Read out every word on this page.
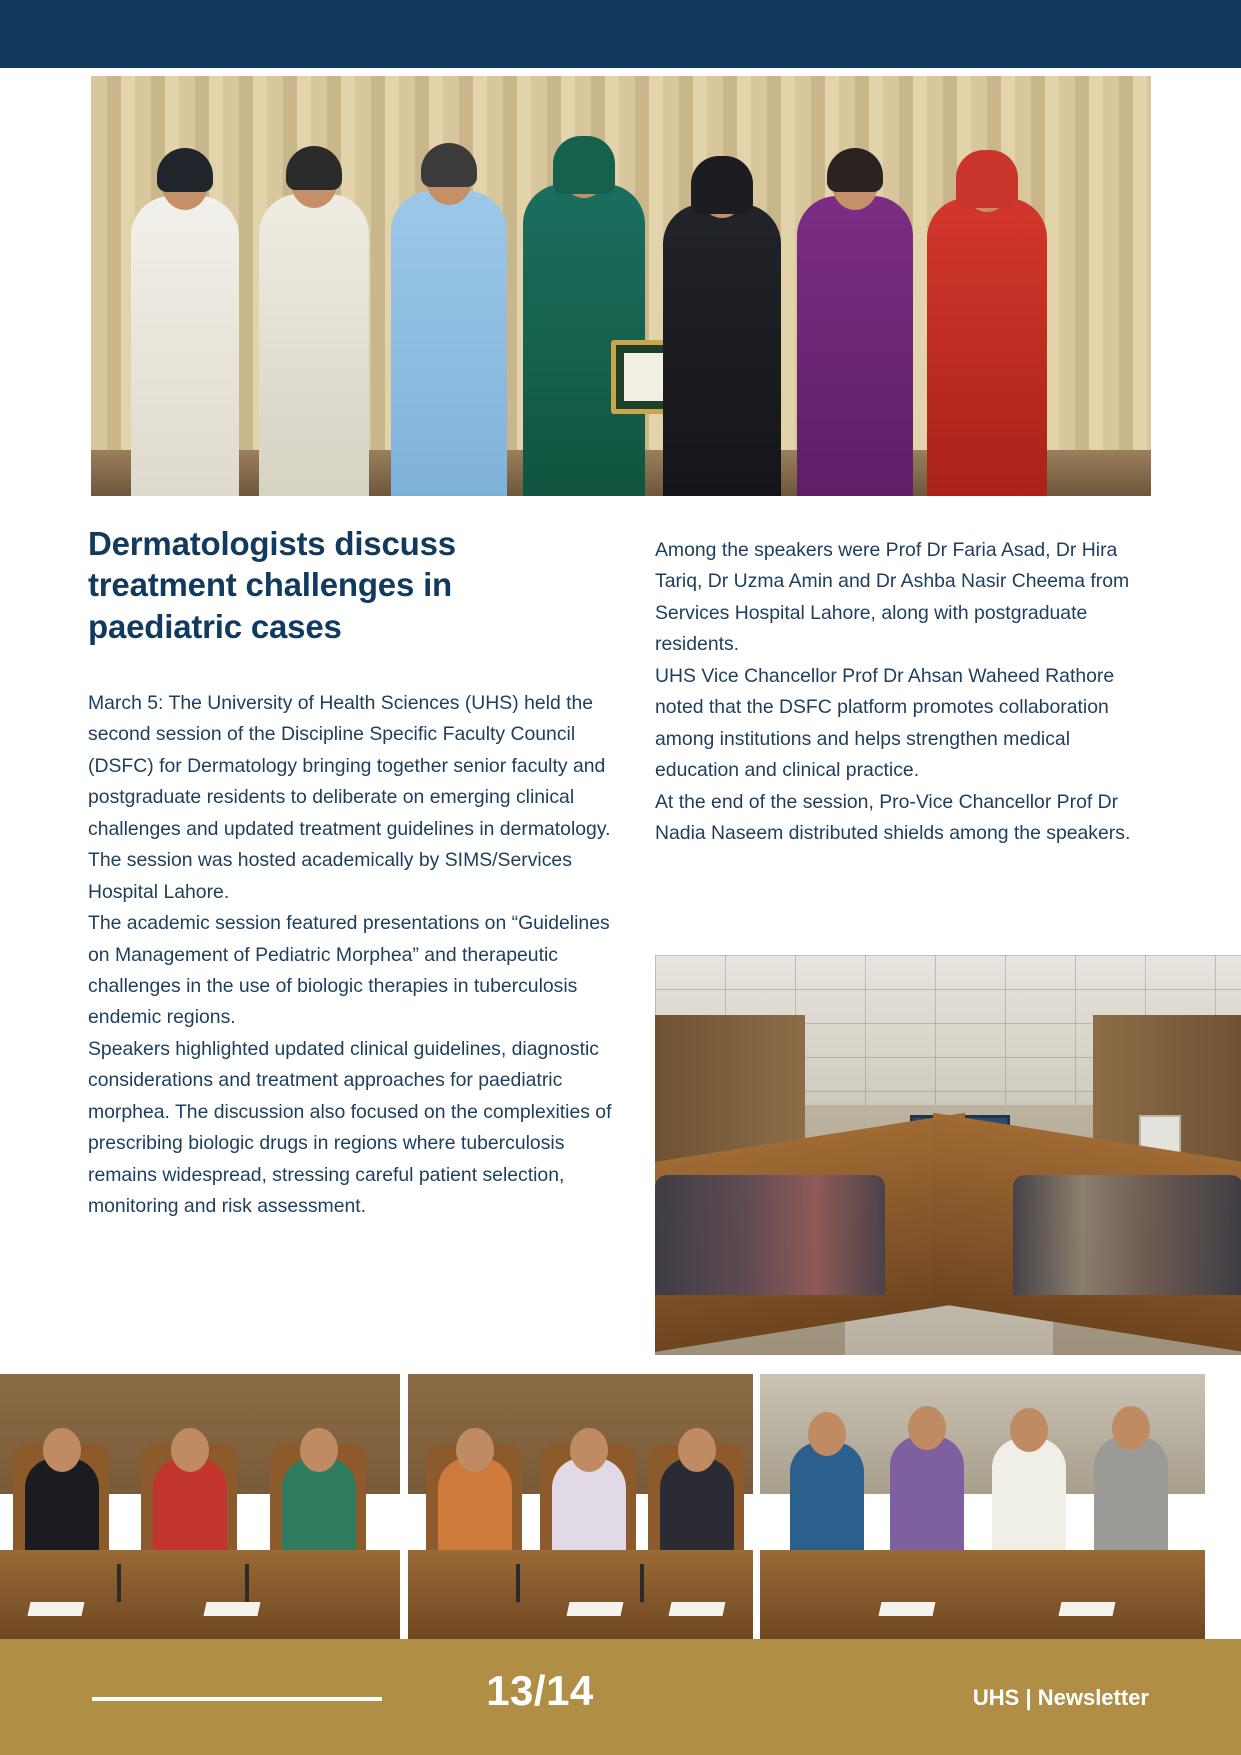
Dermatologists discuss treatment challenges in paediatric cases

March 5: The University of Health Sciences (UHS) held the second session of the Discipline Specific Faculty Council (DSFC) for Dermatology bringing together senior faculty and postgraduate residents to deliberate on emerging clinical challenges and updated treatment guidelines in dermatology. The session was hosted academically by SIMS/Services Hospital Lahore.

The academic session featured presentations on “Guidelines on Management of Pediatric Morphea” and therapeutic challenges in the use of biologic therapies in tuberculosis endemic regions.

Speakers highlighted updated clinical guidelines, diagnostic considerations and treatment approaches for paediatric morphea. The discussion also focused on the complexities of prescribing biologic drugs in regions where tuberculosis remains widespread, stressing careful patient selection, monitoring and risk assessment.

Among the speakers were Prof Dr Faria Asad, Dr Hira Tariq, Dr Uzma Amin and Dr Ashba Nasir Cheema from Services Hospital Lahore, along with postgraduate residents.

UHS Vice Chancellor Prof Dr Ahsan Waheed Rathore noted that the DSFC platform promotes collaboration among institutions and helps strengthen medical education and clinical practice.

At the end of the session, Pro-Vice Chancellor Prof Dr Nadia Naseem distributed shields among the speakers.

13/14	UHS | Newsletter
